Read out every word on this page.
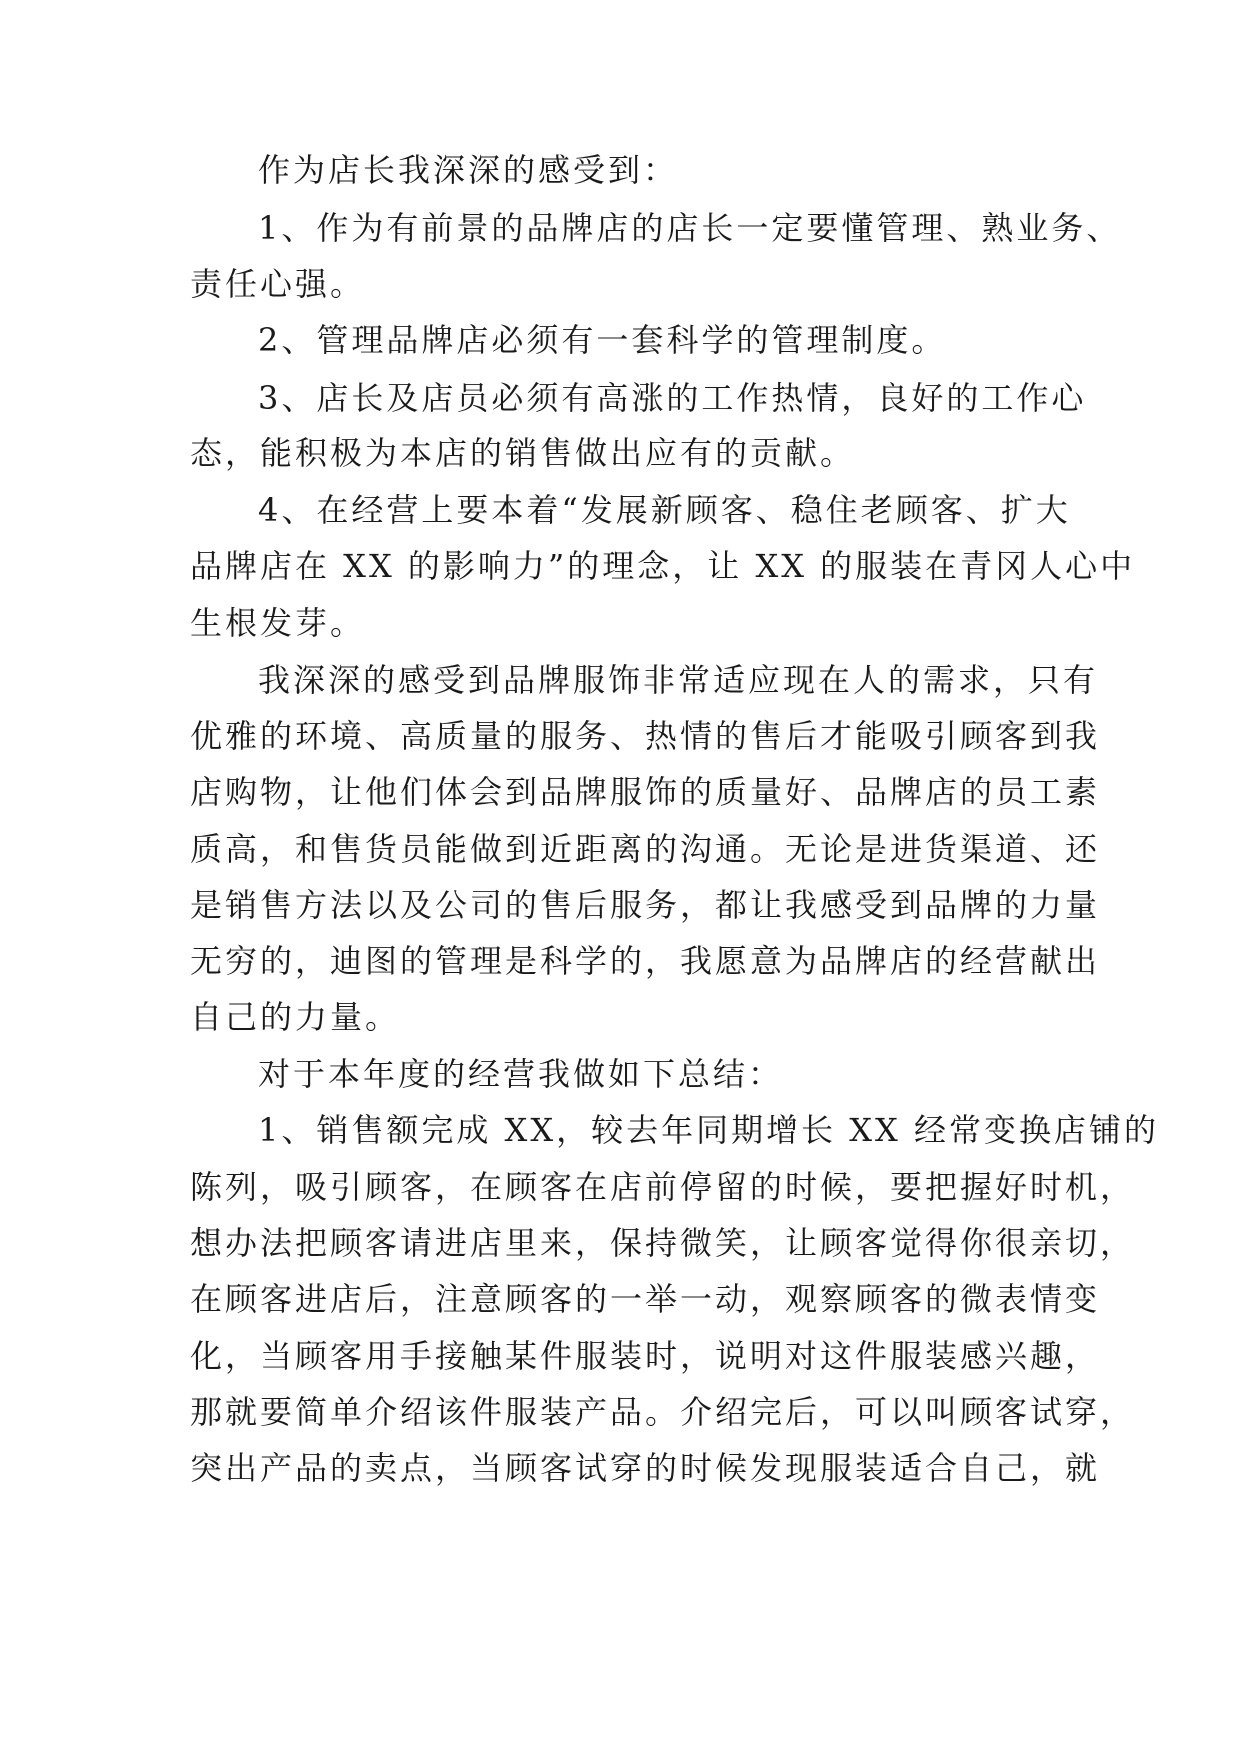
作为店长我深深的感受到：
1、作为有前景的品牌店的店长一定要懂管理、熟业务、
责任心强。
2、管理品牌店必须有一套科学的管理制度。
3、店长及店员必须有高涨的工作热情，良好的工作心
态，能积极为本店的销售做出应有的贡献。
4、在经营上要本着“发展新顾客、稳住老顾客、扩大
品牌店在 XX 的影响力”的理念，让 XX 的服装在青冈人心中
生根发芽。
我深深的感受到品牌服饰非常适应现在人的需求，只有
优雅的环境、高质量的服务、热情的售后才能吸引顾客到我
店购物，让他们体会到品牌服饰的质量好、品牌店的员工素
质高，和售货员能做到近距离的沟通。无论是进货渠道、还
是销售方法以及公司的售后服务，都让我感受到品牌的力量
无穷的，迪图的管理是科学的，我愿意为品牌店的经营献出
自己的力量。
对于本年度的经营我做如下总结：
1、销售额完成 XX，较去年同期增长 XX 经常变换店铺的
陈列，吸引顾客，在顾客在店前停留的时候，要把握好时机，
想办法把顾客请进店里来，保持微笑，让顾客觉得你很亲切，
在顾客进店后，注意顾客的一举一动，观察顾客的微表情变
化，当顾客用手接触某件服装时，说明对这件服装感兴趣，
那就要简单介绍该件服装产品。介绍完后，可以叫顾客试穿，
突出产品的卖点，当顾客试穿的时候发现服装适合自己，就
